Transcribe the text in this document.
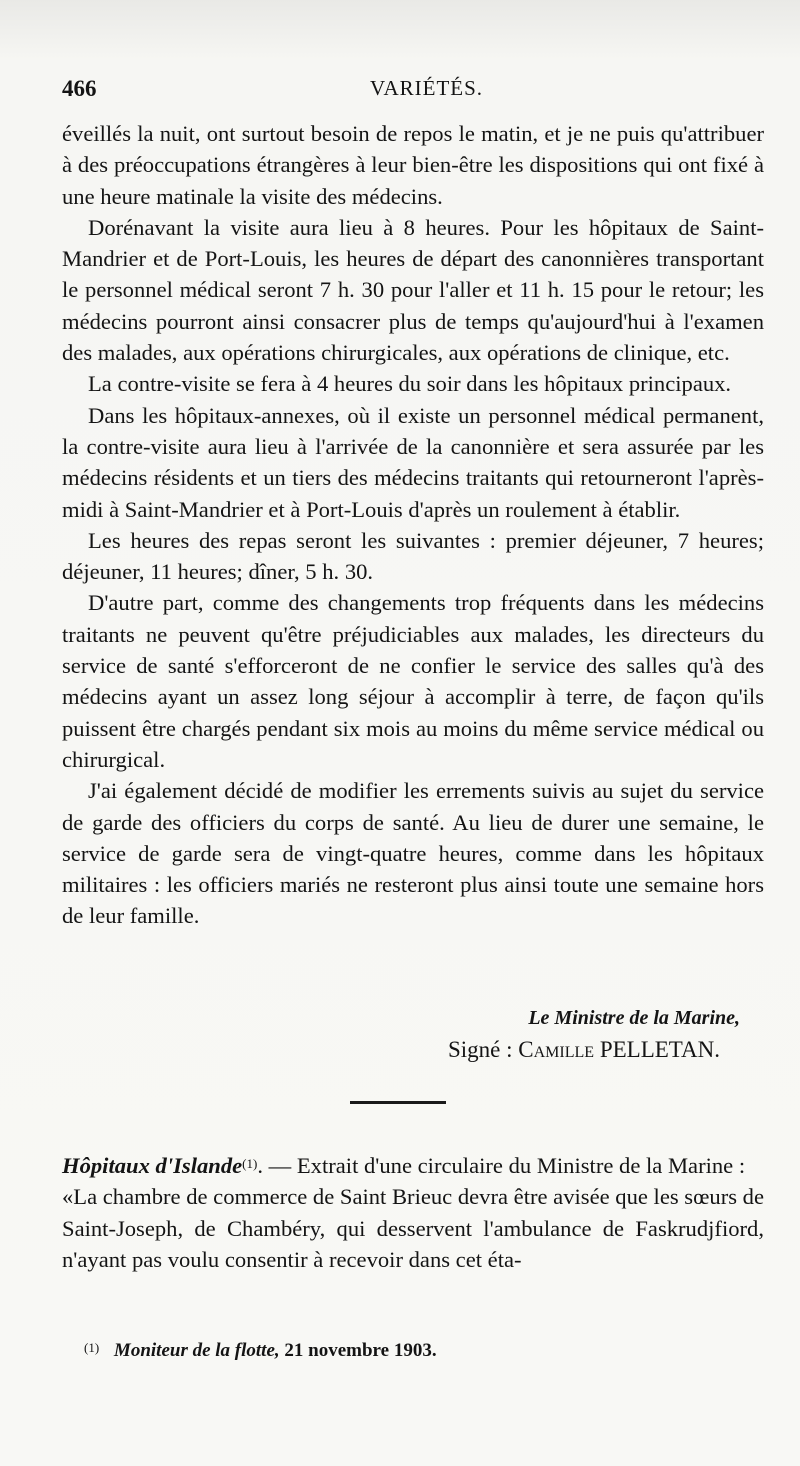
466	VARIÉTÉS.

éveillés la nuit, ont surtout besoin de repos le matin, et je ne puis qu'attribuer à des préoccupations étrangères à leur bien-être les dispositions qui ont fixé à une heure matinale la visite des médecins.

Dorénavant la visite aura lieu à 8 heures. Pour les hôpitaux de Saint-Mandrier et de Port-Louis, les heures de départ des canonnières transportant le personnel médical seront 7 h. 30 pour l'aller et 11 h. 15 pour le retour; les médecins pourront ainsi consacrer plus de temps qu'aujourd'hui à l'examen des malades, aux opérations chirurgicales, aux opérations de clinique, etc.

La contre-visite se fera à 4 heures du soir dans les hôpitaux principaux.

Dans les hôpitaux-annexes, où il existe un personnel médical permanent, la contre-visite aura lieu à l'arrivée de la canonnière et sera assurée par les médecins résidents et un tiers des médecins traitants qui retourneront l'après-midi à Saint-Mandrier et à Port-Louis d'après un roulement à établir.

Les heures des repas seront les suivantes : premier déjeuner, 7 heures; déjeuner, 11 heures; dîner, 5 h. 30.

D'autre part, comme des changements trop fréquents dans les médecins traitants ne peuvent qu'être préjudiciables aux malades, les directeurs du service de santé s'efforceront de ne confier le service des salles qu'à des médecins ayant un assez long séjour à accomplir à terre, de façon qu'ils puissent être chargés pendant six mois au moins du même service médical ou chirurgical.

J'ai également décidé de modifier les errements suivis au sujet du service de garde des officiers du corps de santé. Au lieu de durer une semaine, le service de garde sera de vingt-quatre heures, comme dans les hôpitaux militaires : les officiers mariés ne resteront plus ainsi toute une semaine hors de leur famille.

Le Ministre de la Marine,
Signé : Camille PELLETAN.

Hôpitaux d'Islande$^{(1)}$. — Extrait d'une circulaire du Ministre de la Marine :

«La chambre de commerce de Saint Brieuc devra être avisée que les sœurs de Saint-Joseph, de Chambéry, qui desservent l'ambulance de Faskrudjfiord, n'ayant pas voulu consentir à recevoir dans cet éta-

$^{(1)}$ Moniteur de la flotte, 21 novembre 1903.
